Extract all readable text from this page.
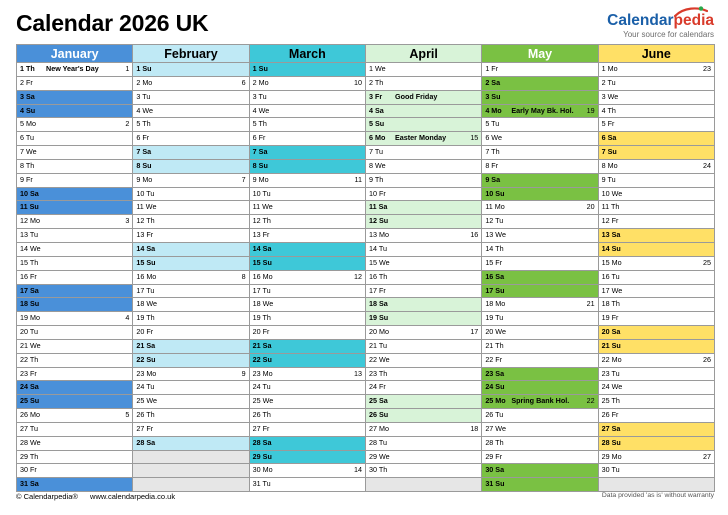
Calendar 2026 UK	Calendarpedia
Your source for calendars
January	February	March	April	May	June

1 Th New Year's Day 1	1 Su	1 Su	1 We	1 Fr	1 Mo 23

2 Fr	2 Mo 6	2 Mo 10	2 Th	2 Sa	2 Tu

3 Sa	3 Tu	3 Tu	3 Fr Good Friday	3 Su	3 We

4 Su	4 We	4 We	4 Sa	4 Mo Early May Bk. Hol. 19	4 Th

5 Mo 2	5 Th	5 Th	5 Su	5 Tu	5 Fr

6 Tu	6 Fr	6 Fr	6 Mo Easter Monday 15	6 We	6 Sa

7 We	7 Sa	7 Sa	7 Tu	7 Th	7 Su

8 Th	8 Su	8 Su	8 We	8 Fr	8 Mo 24

9 Fr	9 Mo 7	9 Mo 11	9 Th	9 Sa	9 Tu

10 Sa	10 Tu	10 Tu	10 Fr	10 Su	10 We

11 Su	11 We	11 We	11 Sa	11 Mo 20	11 Th

12 Mo 3	12 Th	12 Th	12 Su	12 Tu	12 Fr

13 Tu	13 Fr	13 Fr	13 Mo 16	13 We	13 Sa

14 We	14 Sa	14 Sa	14 Tu	14 Th	14 Su

15 Th	15 Su	15 Su	15 We	15 Fr	15 Mo 25

16 Fr	16 Mo 8	16 Mo 12	16 Th	16 Sa	16 Tu

17 Sa	17 Tu	17 Tu	17 Fr	17 Su	17 We

18 Su	18 We	18 We	18 Sa	18 Mo 21	18 Th

19 Mo 4	19 Th	19 Th	19 Su	19 Tu	19 Fr

20 Tu	20 Fr	20 Fr	20 Mo 17	20 We	20 Sa

21 We	21 Sa	21 Sa	21 Tu	21 Th	21 Su

22 Th	22 Su	22 Su	22 We	22 Fr	22 Mo 26

23 Fr	23 Mo 9	23 Mo 13	23 Th	23 Sa	23 Tu

24 Sa	24 Tu	24 Tu	24 Fr	24 Su	24 We

25 Su	25 We	25 We	25 Sa	25 Mo Spring Bank Hol. 22	25 Th

26 Mo 5	26 Th	26 Th	26 Su	26 Tu	26 Fr

27 Tu	27 Fr	27 Fr	27 Mo 18	27 We	27 Sa

28 We	28 Sa	28 Sa	28 Tu	28 Th	28 Su

29 Th		29 Su	29 We	29 Fr	29 Mo 27

30 Fr		30 Mo 14	30 Th	30 Sa	30 Tu

31 Sa		31 Tu		31 Su	

© Calendarpedia® www.calendarpedia.co.uk	Data provided 'as is' without warranty
